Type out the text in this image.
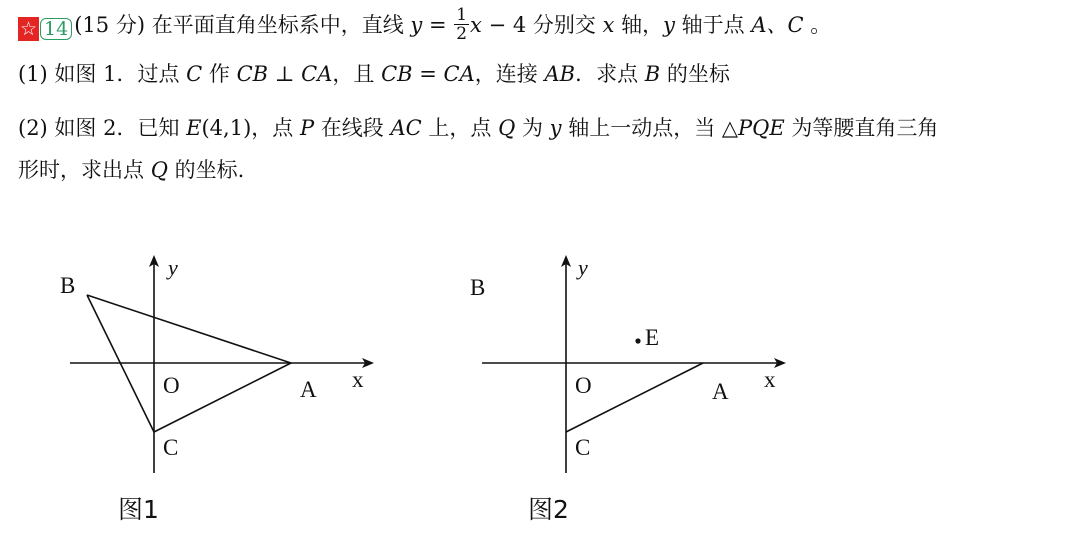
☆ 14 (15 分) 在平面直角坐标系中，直线 $y = \frac{1}{2}$ x − 4 分别交 x 轴，y 轴于点 A、C 。
(1) 如图 1．过点 C 作 CB ⊥ CA，且 CB = CA，连接 AB．求点 B 的坐标
(2) 如图 2．已知 E(4,1)，点 P 在线段 AC 上，点 Q 为 y 轴上一动点，当 △PQE 为等腰直角三角
形时，求出点 Q 的坐标.
B
y
O	A x
C
图1
B
y
E
O	A x
C
图2
